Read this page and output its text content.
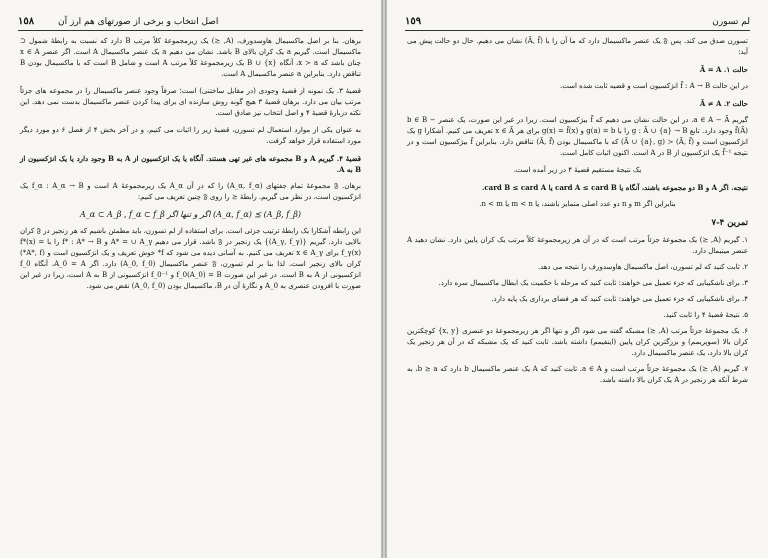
١٥٨	اصل انتخاب و برخی از صورتهای هم ارز آن

برهان. بنا بر اصل ماکسیمال هاوسدورف، (A, ⪯) یک زیرمجموعهٔ کلاً مرتب B دارد که نسبت به رابطهٔ شمول ⊂ ماکسیمال است. گیریم a یک کران بالای B باشد. نشان می دهیم a یک عنصر ماکسیمال A است. اگر عنصر x ∈ A چنان باشد که x ≻ a، آنگاه {x} ∪ B یک زیرمجموعهٔ کلاً مرتب A است و شامل B است که با ماکسیمال بودن B تناقض دارد. بنابراین a عنصر ماکسیمال A است.

قضیهٔ ۳. یک نمونه از قضیهٔ وجودی (در مقابل ساختنی) است؛ صرفاً وجود عنصر ماکسیمال را در مجموعه های جزئاً مرتب بیان می دارد. برهان قضیهٔ ۳ هیچ گونه روش سازنده ای برای پیدا کردن عنصر ماکسیمال بدست نمی دهد. این نکته دربارهٔ قضیهٔ ۴ و اصل انتخاب نیز صادق است.

به عنوان یکی از موارد استعمال لم تسورن، قضیهٔ زیر را اثبات می کنیم، و در آخر بخش ۴ از فصل ۶ دو مورد دیگر مورد استفاده قرار خواهد گرفت.

قضیهٔ ۴. گیریم A و B مجموعه های غیر تهی هستند. آنگاه یا یک انژکسیون از A به B وجود دارد یا یک انژکسیون از B به A.

برهان. 𝔉 مجموعهٔ تمام جفتهای (A_α, f_α) را که در آن A_α یک زیرمجموعهٔ A است و f_α : A_α → B یک انژکسیون است، در نظر می گیریم. رابطهٔ ⪯ را روی 𝔉 چنین تعریف می کنیم:

A_α ⊂ A_β , f_α ⊂ f_β اگر و تنها اگر (A_α, f_α) ⪯ (A_β, f_β)

این رابطه آشکارا یک رابطهٔ ترتیب جزئی است. برای استفاده از لم تسورن، باید مطمئن باشیم که هر زنجیر در 𝔉 کران بالایی دارد. گیریم {(A_γ, f_γ)} یک زنجیر در 𝔉 باشد. قرار می دهیم A* = ∪ A_γ و f* : A* → B را با f*(x) = f_γ(x) برای x ∈ A_γ تعریف می کنیم. به آسانی دیده می شود که f* خوش تعریف و یک انژکسیون است و (A*, f*) کران بالای زنجیر است. لذا بنا بر لم تسورن، 𝔉 عنصر ماکسیمال (A_0, f_0) دارد. اگر A_0 = A، آنگاه f_0 انژکسیونی از A به B است. در غیر این صورت f_0(A_0) = B و f_0⁻¹ انژکسیونی از B به A است، زیرا در غیر این صورت با افزودن عنصری به A_0 و نگارهٔ آن در B، ماکسیمال بودن (A_0, f_0) نقض می شود.

١٥٩	لم تسورن

تسورن صدق می کند. پس 𝔉 یک عنصر ماکسیمال دارد که ما آن را با (Ã, f̃) نشان می دهیم. حال دو حالت پیش می آید:

حالت ۱. Ã = A

در این حالت f̃ : A → B انژکسیون است و قضیه ثابت شده است.

حالت ۲. Ã ≠ A

گیریم a ∈ A − Ã. در این حالت نشان می دهیم که f̃ بیژکسیون است. زیرا در غیر این صورت، یک عنصر b ∈ B − f̃(Ã) وجود دارد. تابع g : Ã ∪ {a} → B را با g(a) = b و g(x) = f̃(x) برای هر x ∈ Ã تعریف می کنیم. آشکارا g یک انژکسیون است و (Ã, f̃) ≺ (Ã ∪ {a}, g) که با ماکسیمال بودن (Ã, f̃) تناقض دارد. بنابراین f̃ بیژکسیون است و در نتیجه f̃⁻¹ یک انژکسیون از B در A است. اکنون اثبات کامل است.

یک نتیجهٔ مستقیم قضیهٔ ۴ در زیر آمده است.

نتیجه. اگر A و B دو مجموعه باشند، آنگاه یا card A ≤ card B یا card B ≤ card A.

بنابراین اگر m و n دو عدد اصلی متمایز باشند، یا m < n یا n < m.

تمرین ۴-۷

۱. گیریم (A, ⪯) یک مجموعهٔ جزئاً مرتب است که در آن هر زیرمجموعهٔ کلاً مرتب یک کران پایین دارد. نشان دهید A عنصر مینیمال دارد.

۲. ثابت کنید که لم تسورن، اصل ماکسیمال هاوسدورف را نتیجه می دهد.

۳. برای ناشکیبایی که جزء تعمیل می خواهند: ثابت کنید که مرحله با حکمیت یک ابطال ماکسیمال سره دارد.

۴. برای ناشکیبایی که جزء تعمیل می خواهند: ثابت کنید که هر فضای برداری یک پایه دارد.

۵. نتیجهٔ قضیهٔ ۴ را ثابت کنید.

۶. یک مجموعهٔ جزئاً مرتب (A, ⪯) مشبکه گفته می شود اگر و تنها اگر هر زیرمجموعهٔ دو عنصری {x, y} کوچکترین کران بالا (سوپریمم) و بزرگترین کران پایین (اینفیمم) داشته باشد. ثابت کنید که یک مشبکه که در آن هر زنجیر یک کران بالا دارد، یک عنصر ماکسیمال دارد.

۷. گیریم (A, ⪯) یک مجموعهٔ جزئاً مرتب است و a ∈ A. ثابت کنید که A یک عنصر ماکسیمال b دارد که b ⪰ a، به شرط آنکه هر زنجیر در A یک کران بالا داشته باشد.
